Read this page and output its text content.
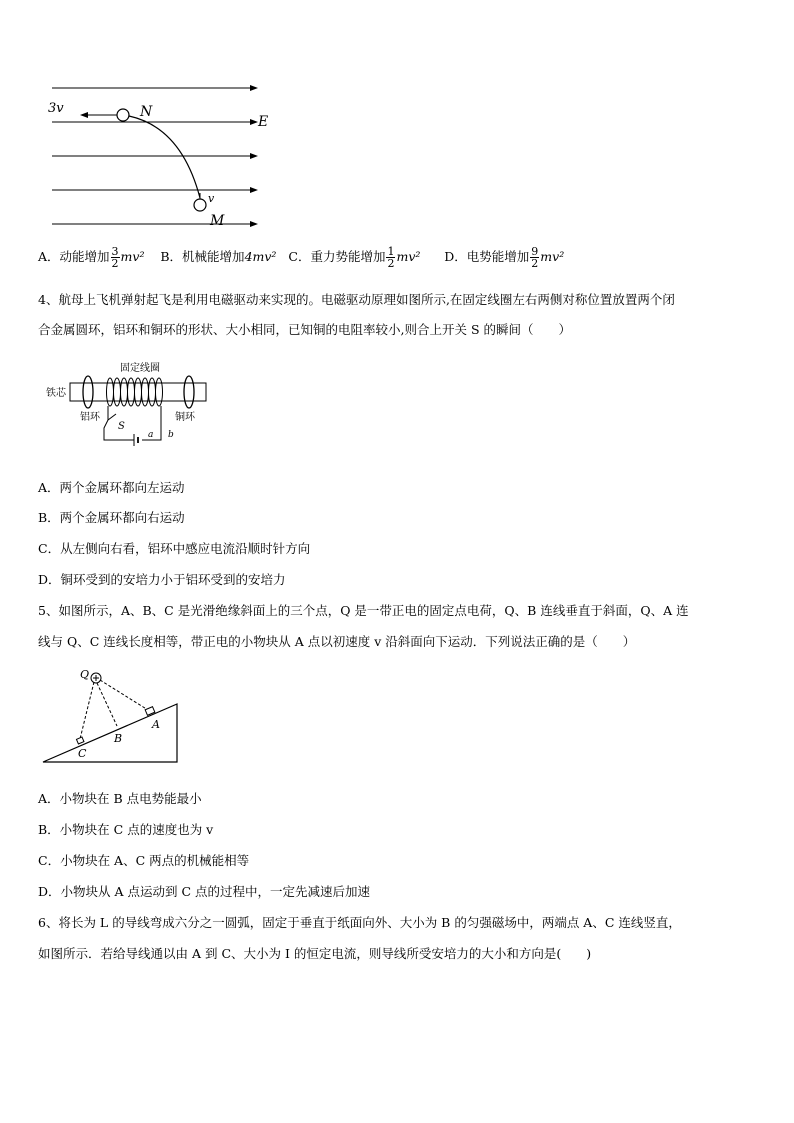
3v	N
E
v
M
A．动能增加 $\frac{3}{2} mv^2$ B．机械能增加4mv² C．重力势能增加 $\frac{1}{2} mv^2$ D．电势能增加 $\frac{9}{2} mv^2$
4、航母上飞机弹射起飞是利用电磁驱动来实现的。电磁驱动原理如图所示,在固定线圈左右两侧对称位置放置两个闭
合金属圆环，铝环和铜环的形状、大小相同，已知铜的电阻率较小,则合上开关 S 的瞬间（　　）
固定线圈
铁芯
铝环	铜环
S
a b
A．两个金属环都向左运动
B．两个金属环都向右运动
C．从左侧向右看，铝环中感应电流沿顺时针方向
D．铜环受到的安培力小于铝环受到的安培力
5、如图所示，A、B、C 是光滑绝缘斜面上的三个点，Q 是一带正电的固定点电荷，Q、B 连线垂直于斜面，Q、A 连
线与 Q、C 连线长度相等，带正电的小物块从 A 点以初速度 v 沿斜面向下运动．下列说法正确的是（　　）
Q
A
B
C
A．小物块在 B 点电势能最小
B．小物块在 C 点的速度也为 v
C．小物块在 A、C 两点的机械能相等
D．小物块从 A 点运动到 C 点的过程中，一定先减速后加速
6、将长为 L 的导线弯成六分之一圆弧，固定于垂直于纸面向外、大小为 B 的匀强磁场中，两端点 A、C 连线竖直，
如图所示．若给导线通以由 A 到 C、大小为 I 的恒定电流，则导线所受安培力的大小和方向是(　　)
